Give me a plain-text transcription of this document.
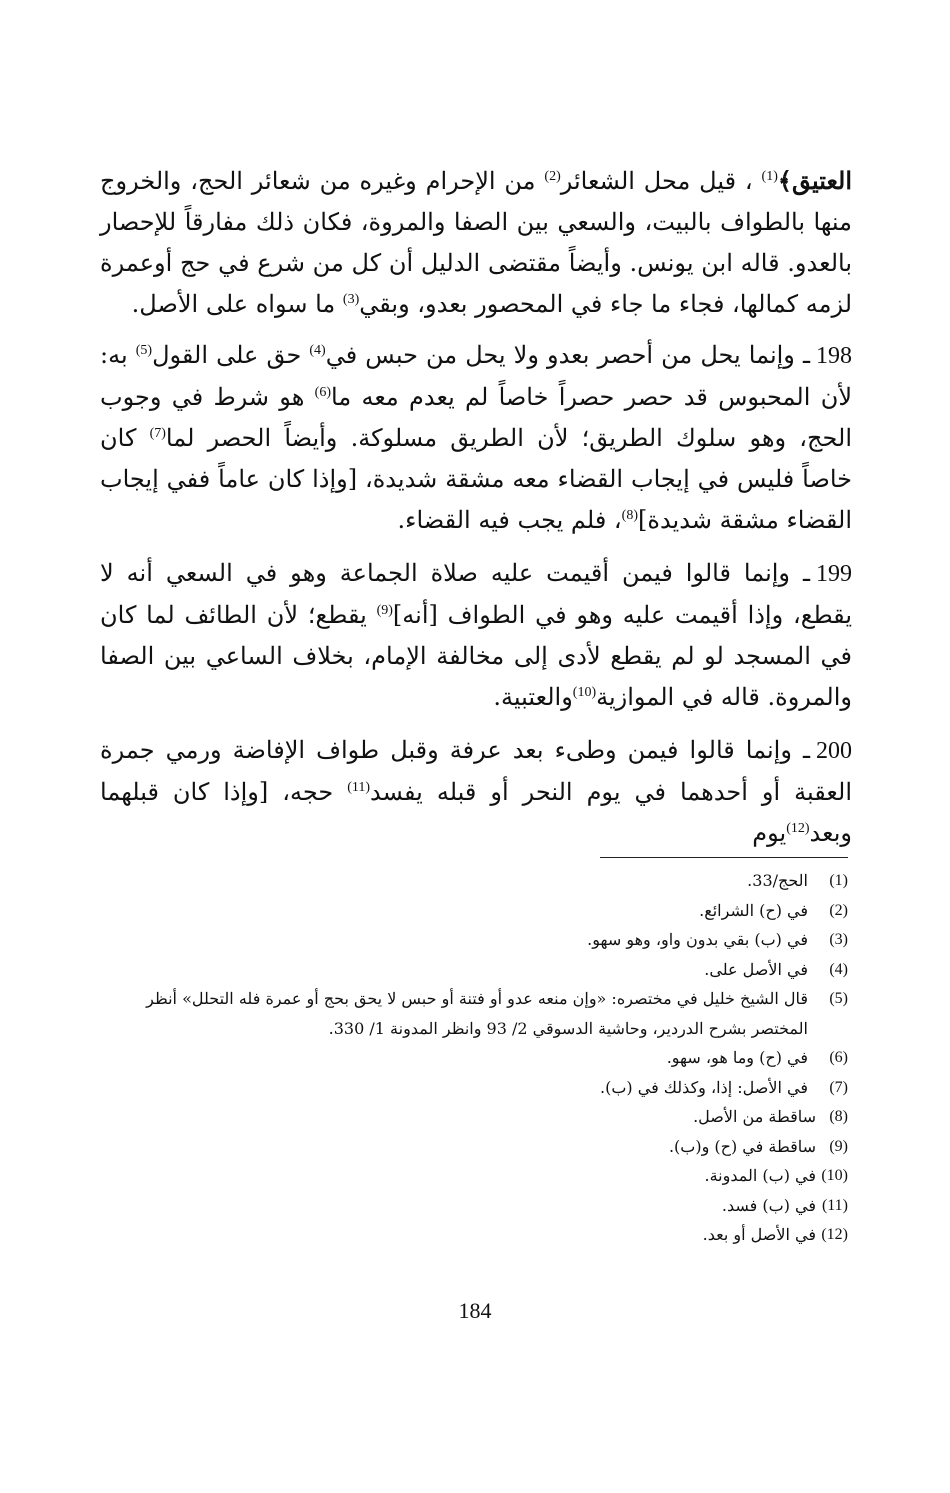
العتيق﴾$^{(1)}$ ، قيل محل الشعائر$^{(2)}$ من الإحرام وغيره من شعائر الحج، والخروج منها بالطواف بالبيت، والسعي بين الصفا والمروة، فكان ذلك مفارقاً للإحصار بالعدو. قاله ابن يونس. وأيضاً مقتضى الدليل أن كل من شرع في حج أوعمرة لزمه كمالها، فجاء ما جاء في المحصور بعدو، وبقي$^{(3)}$ ما سواه على الأصل.

198ـ وإنما يحل من أحصر بعدو ولا يحل من حبس في$^{(4)}$ حق على القول$^{(5)}$ به: لأن المحبوس قد حصر حصراً خاصاً لم يعدم معه ما$^{(6)}$ هو شرط في وجوب الحج، وهو سلوك الطريق؛ لأن الطريق مسلوكة. وأيضاً الحصر لما$^{(7)}$ كان خاصاً فليس في إيجاب القضاء معه مشقة شديدة، [وإذا كان عاماً ففي إيجاب القضاء مشقة شديدة]$^{(8)}$، فلم يجب فيه القضاء.

199ـ وإنما قالوا فيمن أقيمت عليه صلاة الجماعة وهو في السعي أنه لا يقطع، وإذا أقيمت عليه وهو في الطواف [أنه]$^{(9)}$ يقطع؛ لأن الطائف لما كان في المسجد لو لم يقطع لأدى إلى مخالفة الإمام، بخلاف الساعي بين الصفا والمروة. قاله في الموازية$^{(10)}$والعتبية.

200ـ وإنما قالوا فيمن وطىء بعد عرفة وقبل طواف الإفاضة ورمي جمرة العقبة أو أحدهما في يوم النحر أو قبله يفسد$^{(11)}$ حجه، [وإذا كان قبلهما وبعد$^{(12)}$يوم

(1)
الحج/33.
(2)
في (ح) الشرائع.
(3)
في (ب) بقي بدون واو، وهو سهو.
(4)
في الأصل على.
(5)
قال الشيخ خليل في مختصره: «وإن منعه عدو أو فتنة أو حبس لا يحق بحج أو عمرة فله التحلل» أنظر المختصر بشرح الدردير، وحاشية الدسوقي 2/ 93 وانظر المدونة 1/ 330.
(6)
في (ح) وما هو، سهو.
(7)
في الأصل: إذا، وكذلك في (ب).
(8)
ساقطة من الأصل.
(9)
ساقطة في (ح) و(ب).
(10)
في (ب) المدونة.
(11)
في (ب) فسد.
(12)
في الأصل أو بعد.
184
